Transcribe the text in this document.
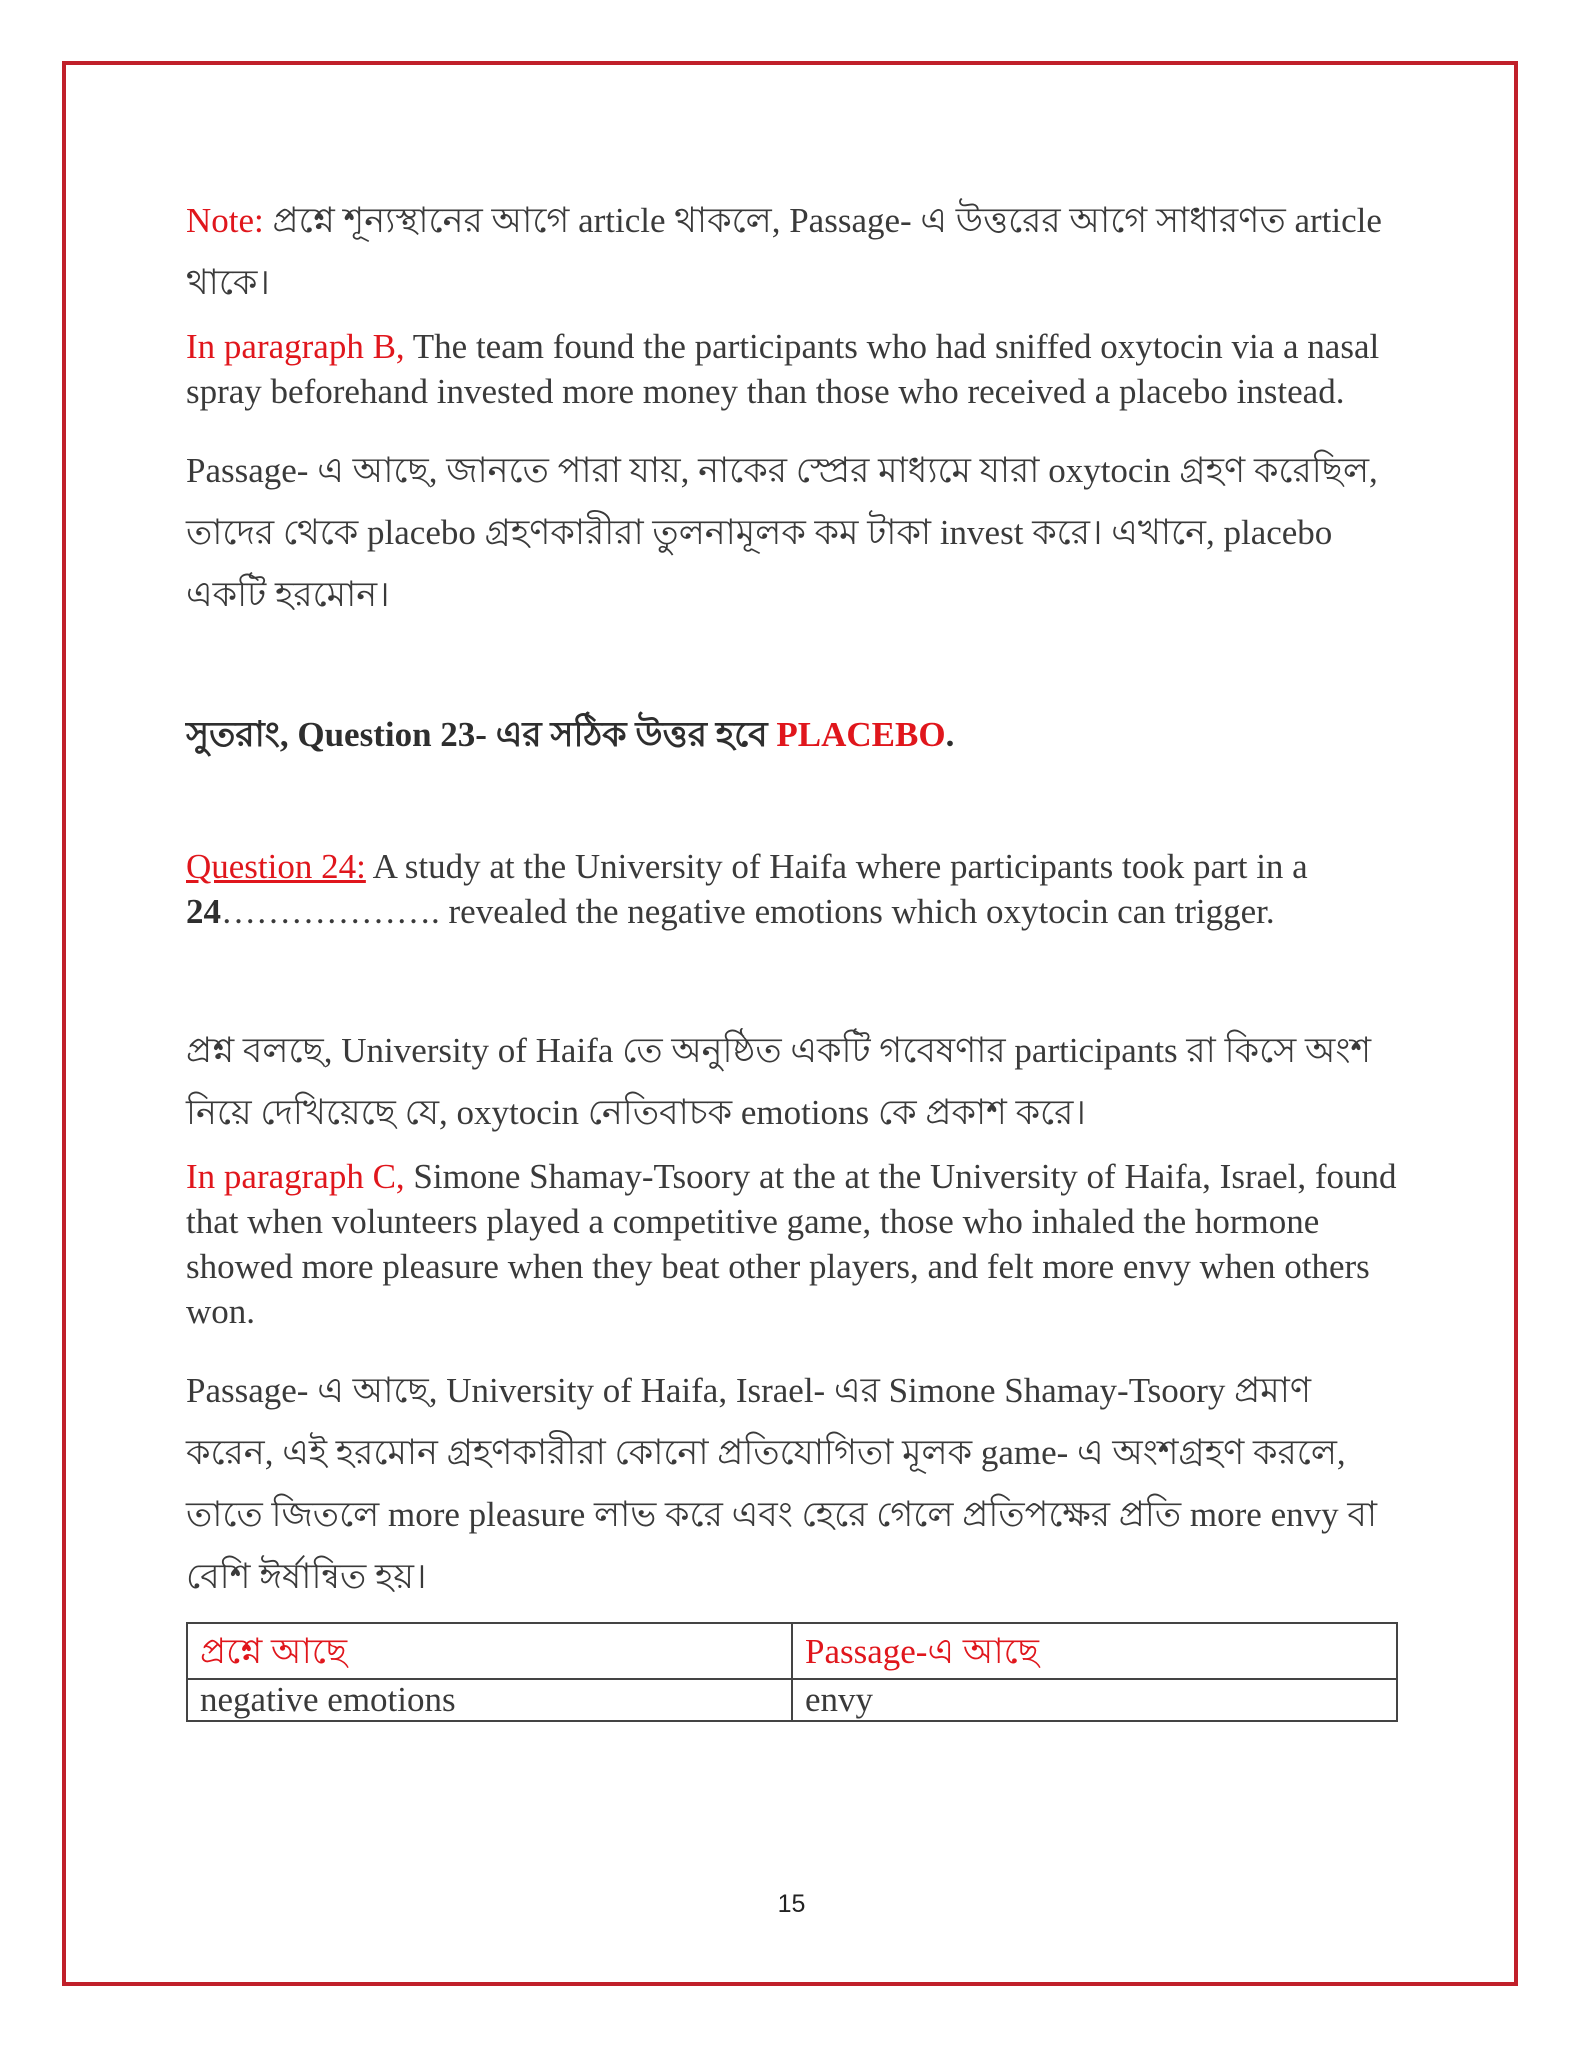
Note: প্রশ্নে শূন্যস্থানের আগে article থাকলে, Passage- এ উত্তরের আগে সাধারণত article থাকে।

In paragraph B, The team found the participants who had sniffed oxytocin via a nasal spray beforehand invested more money than those who received a placebo instead.

Passage- এ আছে, জানতে পারা যায়, নাকের স্প্রের মাধ্যমে যারা oxytocin গ্রহণ করেছিল, তাদের থেকে placebo গ্রহণকারীরা তুলনামূলক কম টাকা invest করে। এখানে, placebo একটি হরমোন।

সুতরাং, Question 23- এর সঠিক উত্তর হবে PLACEBO.

Question 24: A study at the University of Haifa where participants took part in a 24………………. revealed the negative emotions which oxytocin can trigger.

প্রশ্ন বলছে, University of Haifa তে অনুষ্ঠিত একটি গবেষণার participants রা কিসে অংশ নিয়ে দেখিয়েছে যে, oxytocin নেতিবাচক emotions কে প্রকাশ করে।

In paragraph C, Simone Shamay-Tsoory at the at the University of Haifa, Israel, found that when volunteers played a competitive game, those who inhaled the hormone showed more pleasure when they beat other players, and felt more envy when others won.

Passage- এ আছে, University of Haifa, Israel- এর Simone Shamay-Tsoory প্রমাণ করেন, এই হরমোন গ্রহণকারীরা কোনো প্রতিযোগিতা মূলক game- এ অংশগ্রহণ করলে, তাতে জিতলে more pleasure লাভ করে এবং হেরে গেলে প্রতিপক্ষের প্রতি more envy বা বেশি ঈর্ষান্বিত হয়।

প্রশ্নে আছে	Passage-এ আছে
negative emotions	envy
15
